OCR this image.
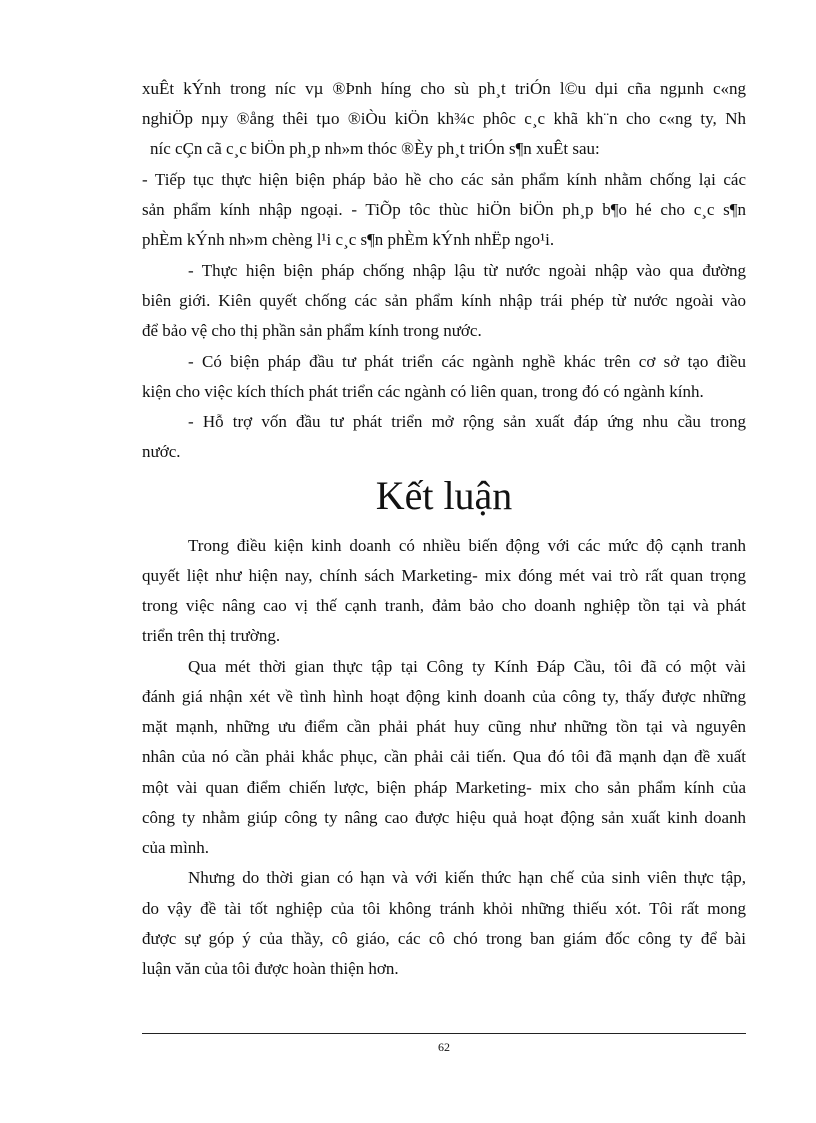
xuÊt kÝnh trong níc vµ ®Þnh híng cho sù ph¸t triÓn l©u dµi cña ngµnh c«ng
nghiÖp nµy ®ång thêi tµo ®iÒu kiÖn kh¾c phôc c¸c khã kh¨n cho c«ng ty, Nh
níc cÇn cã c¸c biÖn ph¸p nh»m thóc ®Èy ph¸t triÓn s¶n xuÊt sau:
- Tiếp tục thực hiện biện pháp bảo hề cho các sản phẩm kính nhằm chống lại các
sản phẩm kính nhập ngoại. - TiÕp tôc thùc hiÖn biÖn ph¸p b¶o hé cho c¸c s¶n
phÈm kÝnh nh»m chèng l¹i c¸c s¶n phÈm kÝnh nhËp ngo¹i.
- Thực hiện biện pháp chống nhập lậu từ nước ngoài nhập vào qua đường
biên giới. Kiên quyết chống các sản phẩm kính nhập trái phép từ nước ngoài vào
để bảo vệ cho thị phần sản phẩm kính trong nước.
- Có biện pháp đầu tư phát triển các ngành nghề khác trên cơ sở tạo điều
kiện cho việc kích thích phát triển các ngành có liên quan, trong đó có ngành kính.
- Hỗ trợ vốn đầu tư phát triển mở rộng sản xuất đáp ứng nhu cầu trong
nước.
Kết luận
Trong điều kiện kinh doanh có nhiều biến động với các mức độ cạnh tranh
quyết liệt như hiện nay, chính sách Marketing- mix đóng mét vai trò rất quan trọng
trong việc nâng cao vị thế cạnh tranh, đảm bảo cho doanh nghiệp tồn tại và phát
triển trên thị trường.
Qua mét thời gian thực tập tại Công ty Kính Đáp Cầu, tôi đã có một vài
đánh giá nhận xét về tình hình hoạt động kinh doanh của công ty, thấy được những
mặt mạnh, những ưu điểm cần phải phát huy cũng như những tồn tại và nguyên
nhân của nó cần phải khắc phục, cần phải cải tiến. Qua đó tôi đã mạnh dạn đề xuất
một vài quan điểm chiến lược, biện pháp Marketing- mix cho sản phẩm kính của
công ty nhằm giúp công ty nâng cao được hiệu quả hoạt động sản xuất kinh doanh
của mình.
Nhưng do thời gian có hạn và với kiến thức hạn chế của sinh viên thực tập,
do vậy đề tài tốt nghiệp của tôi không tránh khỏi những thiếu xót. Tôi rất mong
được sự góp ý của thầy, cô giáo, các cô chó trong ban giám đốc công ty để bài
luận văn của tôi được hoàn thiện hơn.
62
